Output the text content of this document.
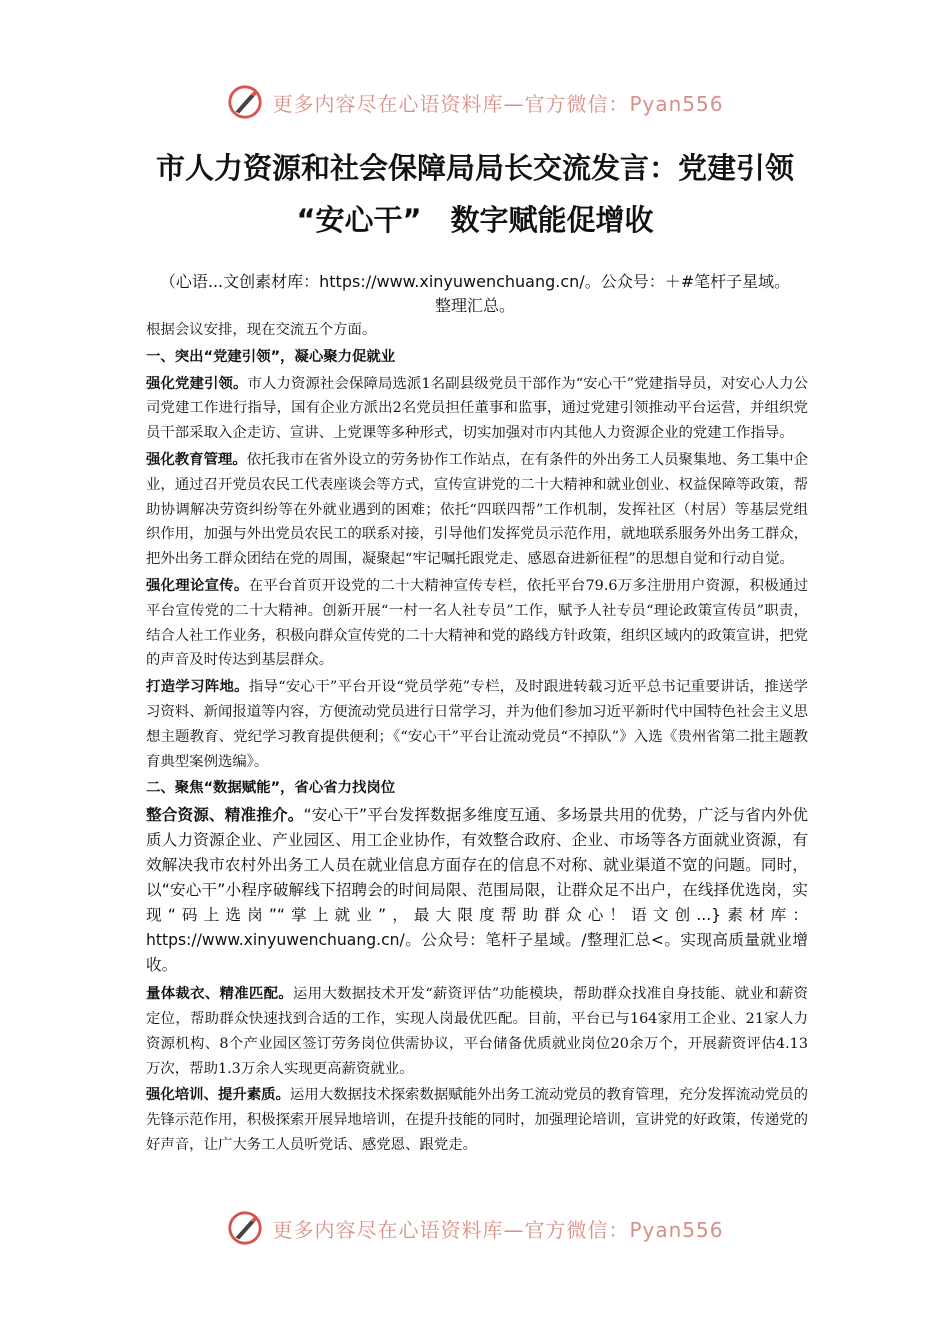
更多内容尽在心语资料库—官方微信：Pyan556
市人力资源和社会保障局局长交流发言：党建引领
“安心干”　数字赋能促增收
（心语...文创素材库：https://www.xinyuwenchuang.cn/。公众号：＋#笔杆子星域。
整理汇总。

根据会议安排，现在交流五个方面。

一、突出“党建引领”，凝心聚力促就业

强化党建引领。市人力资源社会保障局选派1名副县级党员干部作为“安心干”党建指导员，对安心人力公司党建工作进行指导，国有企业方派出2名党员担任董事和监事，通过党建引领推动平台运营，并组织党员干部采取入企走访、宣讲、上党课等多种形式，切实加强对市内其他人力资源企业的党建工作指导。

强化教育管理。依托我市在省外设立的劳务协作工作站点，在有条件的外出务工人员聚集地、务工集中企业，通过召开党员农民工代表座谈会等方式，宣传宣讲党的二十大精神和就业创业、权益保障等政策，帮助协调解决劳资纠纷等在外就业遇到的困难；依托“四联四帮”工作机制，发挥社区（村居）等基层党组织作用，加强与外出党员农民工的联系对接，引导他们发挥党员示范作用，就地联系服务外出务工群众，把外出务工群众团结在党的周围，凝聚起“牢记嘱托跟党走、感恩奋进新征程”的思想自觉和行动自觉。

强化理论宣传。在平台首页开设党的二十大精神宣传专栏，依托平台79.6万多注册用户资源，积极通过平台宣传党的二十大精神。创新开展“一村一名人社专员”工作，赋予人社专员“理论政策宣传员”职责，结合人社工作业务，积极向群众宣传党的二十大精神和党的路线方针政策，组织区域内的政策宣讲，把党的声音及时传达到基层群众。

打造学习阵地。指导“安心干”平台开设“党员学苑”专栏，及时跟进转载习近平总书记重要讲话，推送学习资料、新闻报道等内容，方便流动党员进行日常学习，并为他们参加习近平新时代中国特色社会主义思想主题教育、党纪学习教育提供便利；《“安心干”平台让流动党员“不掉队”》入选《贵州省第二批主题教育典型案例选编》。

二、聚焦“数据赋能”，省心省力找岗位

整合资源、精准推介。“安心干”平台发挥数据多维度互通、多场景共用的优势，广泛与省内外优质人力资源企业、产业园区、用工企业协作，有效整合政府、企业、市场等各方面就业资源，有效解决我市农村外出务工人员在就业信息方面存在的信息不对称、就业渠道不宽的问题。同时，以“安心干”小程序破解线下招聘会的时间局限、范围局限，让群众足不出户，在线择优选岗，实现“码上选岗”“掌上就业”，最大限度帮助群众心！语文创...}素材库：https://www.xinyuwenchuang.cn/。公众号：笔杆子星域。/整理汇总<。实现高质量就业增收。

量体裁衣、精准匹配。运用大数据技术开发“薪资评估”功能模块，帮助群众找准自身技能、就业和薪资定位，帮助群众快速找到合适的工作，实现人岗最优匹配。目前，平台已与164家用工企业、21家人力资源机构、8个产业园区签订劳务岗位供需协议，平台储备优质就业岗位20余万个，开展薪资评估4.13万次，帮助1.3万余人实现更高薪资就业。

强化培训、提升素质。运用大数据技术探索数据赋能外出务工流动党员的教育管理，充分发挥流动党员的先锋示范作用，积极探索开展异地培训，在提升技能的同时，加强理论培训，宣讲党的好政策，传递党的好声音，让广大务工人员听党话、感党恩、跟党走。

更多内容尽在心语资料库—官方微信：Pyan556
